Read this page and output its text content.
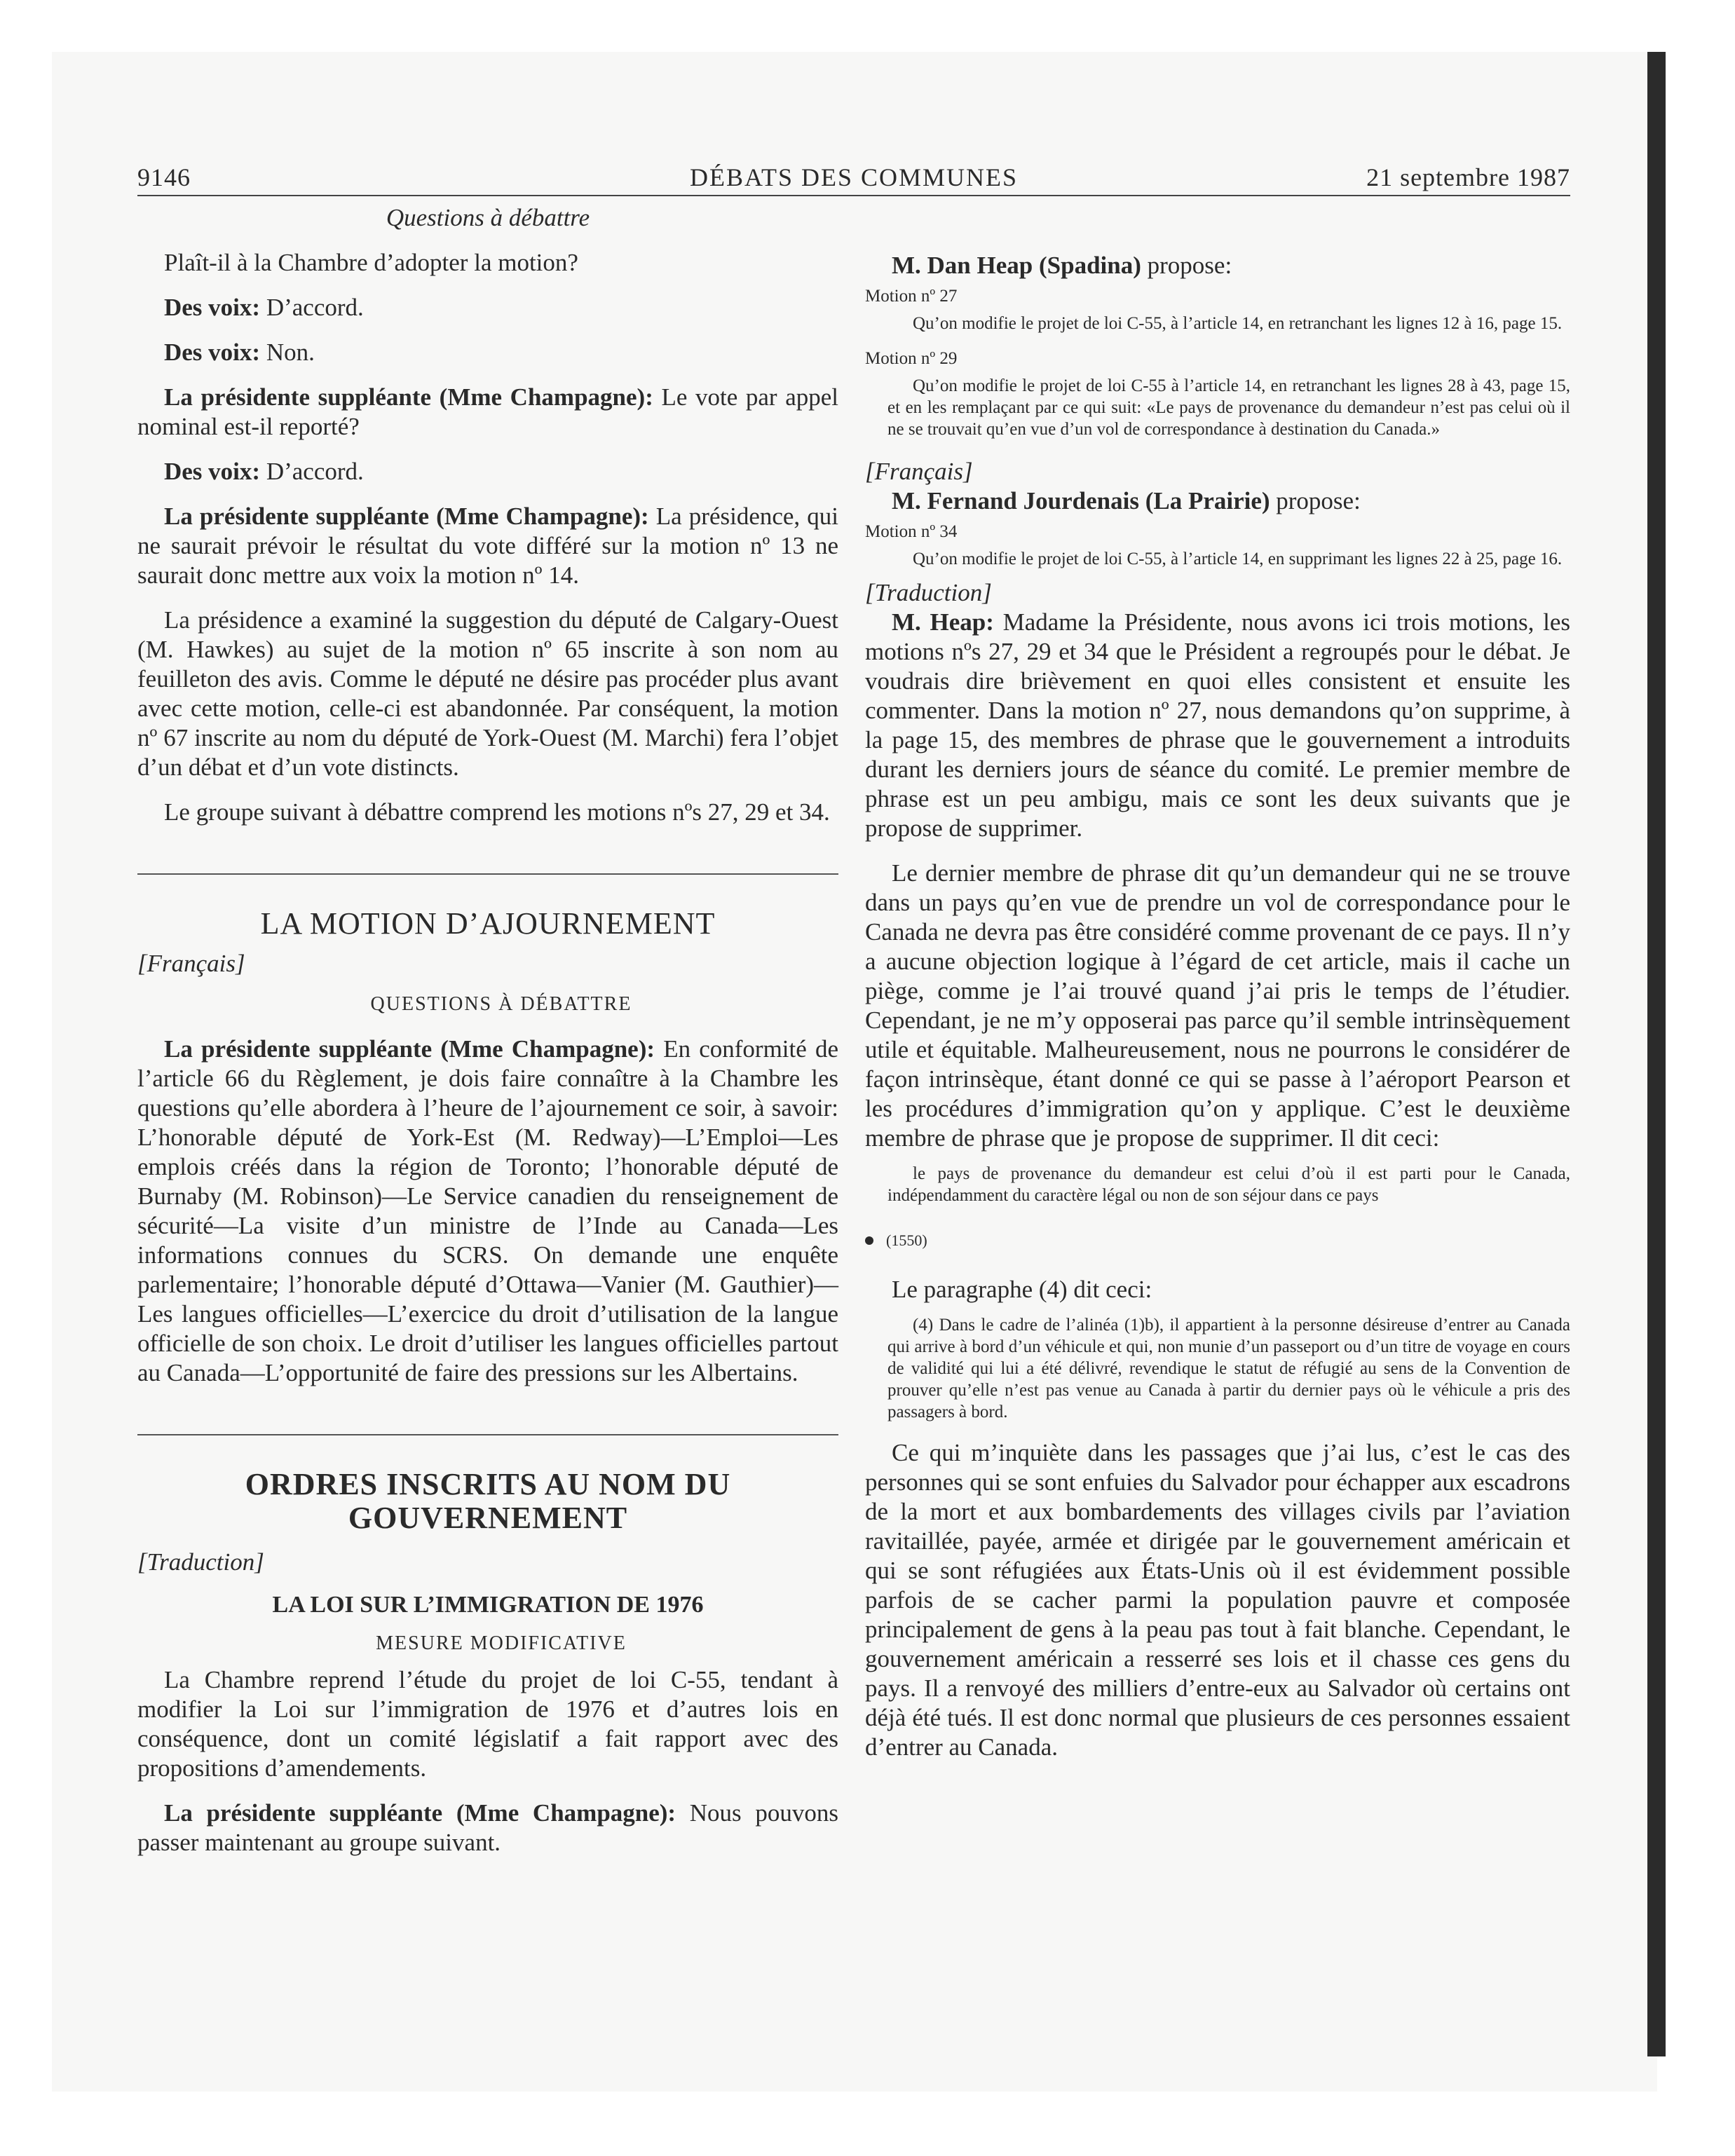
9146	DÉBATS DES COMMUNES	21 septembre 1987

Questions à débattre

Plaît-il à la Chambre d’adopter la motion?

Des voix: D’accord.

Des voix: Non.

La présidente suppléante (Mme Champagne): Le vote par appel nominal est-il reporté?

Des voix: D’accord.

La présidente suppléante (Mme Champagne): La présidence, qui ne saurait prévoir le résultat du vote différé sur la motion nº 13 ne saurait donc mettre aux voix la motion nº 14.

La présidence a examiné la suggestion du député de Calgary-Ouest (M. Hawkes) au sujet de la motion nº 65 inscrite à son nom au feuilleton des avis. Comme le député ne désire pas procéder plus avant avec cette motion, celle-ci est abandonnée. Par conséquent, la motion nº 67 inscrite au nom du député de York-Ouest (M. Marchi) fera l’objet d’un débat et d’un vote distincts.

Le groupe suivant à débattre comprend les motions nºs 27, 29 et 34.

LA MOTION D’AJOURNEMENT

[Français]

QUESTIONS À DÉBATTRE

La présidente suppléante (Mme Champagne): En conformité de l’article 66 du Règlement, je dois faire connaître à la Chambre les questions qu’elle abordera à l’heure de l’ajournement ce soir, à savoir: L’honorable député de York-Est (M. Redway)—L’Emploi—Les emplois créés dans la région de Toronto; l’honorable député de Burnaby (M. Robinson)—Le Service canadien du renseignement de sécurité—La visite d’un ministre de l’Inde au Canada—Les informations connues du SCRS. On demande une enquête parlementaire; l’honorable député d’Ottawa—Vanier (M. Gauthier)—Les langues officielles—L’exercice du droit d’utilisation de la langue officielle de son choix. Le droit d’utiliser les langues officielles partout au Canada—L’opportunité de faire des pressions sur les Albertains.

ORDRES INSCRITS AU NOM DU GOUVERNEMENT

[Traduction]

LA LOI SUR L’IMMIGRATION DE 1976

MESURE MODIFICATIVE

La Chambre reprend l’étude du projet de loi C-55, tendant à modifier la Loi sur l’immigration de 1976 et d’autres lois en conséquence, dont un comité législatif a fait rapport avec des propositions d’amendements.

La présidente suppléante (Mme Champagne): Nous pouvons passer maintenant au groupe suivant.

M. Dan Heap (Spadina) propose:

Motion nº 27

Qu’on modifie le projet de loi C-55, à l’article 14, en retranchant les lignes 12 à 16, page 15.

Motion nº 29

Qu’on modifie le projet de loi C-55 à l’article 14, en retranchant les lignes 28 à 43, page 15, et en les remplaçant par ce qui suit: «Le pays de provenance du demandeur n’est pas celui où il ne se trouvait qu’en vue d’un vol de correspondance à destination du Canada.»

[Français]

M. Fernand Jourdenais (La Prairie) propose:

Motion nº 34

Qu’on modifie le projet de loi C-55, à l’article 14, en supprimant les lignes 22 à 25, page 16.

[Traduction]

M. Heap: Madame la Présidente, nous avons ici trois motions, les motions nºs 27, 29 et 34 que le Président a regroupés pour le débat. Je voudrais dire brièvement en quoi elles consistent et ensuite les commenter. Dans la motion nº 27, nous demandons qu’on supprime, à la page 15, des membres de phrase que le gouvernement a introduits durant les derniers jours de séance du comité. Le premier membre de phrase est un peu ambigu, mais ce sont les deux suivants que je propose de supprimer.

Le dernier membre de phrase dit qu’un demandeur qui ne se trouve dans un pays qu’en vue de prendre un vol de correspondance pour le Canada ne devra pas être considéré comme provenant de ce pays. Il n’y a aucune objection logique à l’égard de cet article, mais il cache un piège, comme je l’ai trouvé quand j’ai pris le temps de l’étudier. Cependant, je ne m’y opposerai pas parce qu’il semble intrinsèquement utile et équitable. Malheureusement, nous ne pourrons le considérer de façon intrinsèque, étant donné ce qui se passe à l’aéroport Pearson et les procédures d’immigration qu’on y applique. C’est le deuxième membre de phrase que je propose de supprimer. Il dit ceci:

le pays de provenance du demandeur est celui d’où il est parti pour le Canada, indépendamment du caractère légal ou non de son séjour dans ce pays

(1550)

Le paragraphe (4) dit ceci:

(4) Dans le cadre de l’alinéa (1)b), il appartient à la personne désireuse d’entrer au Canada qui arrive à bord d’un véhicule et qui, non munie d’un passeport ou d’un titre de voyage en cours de validité qui lui a été délivré, revendique le statut de réfugié au sens de la Convention de prouver qu’elle n’est pas venue au Canada à partir du dernier pays où le véhicule a pris des passagers à bord.

Ce qui m’inquiète dans les passages que j’ai lus, c’est le cas des personnes qui se sont enfuies du Salvador pour échapper aux escadrons de la mort et aux bombardements des villages civils par l’aviation ravitaillée, payée, armée et dirigée par le gouvernement américain et qui se sont réfugiées aux États-Unis où il est évidemment possible parfois de se cacher parmi la population pauvre et composée principalement de gens à la peau pas tout à fait blanche. Cependant, le gouvernement américain a resserré ses lois et il chasse ces gens du pays. Il a renvoyé des milliers d’entre-eux au Salvador où certains ont déjà été tués. Il est donc normal que plusieurs de ces personnes essaient d’entrer au Canada.
